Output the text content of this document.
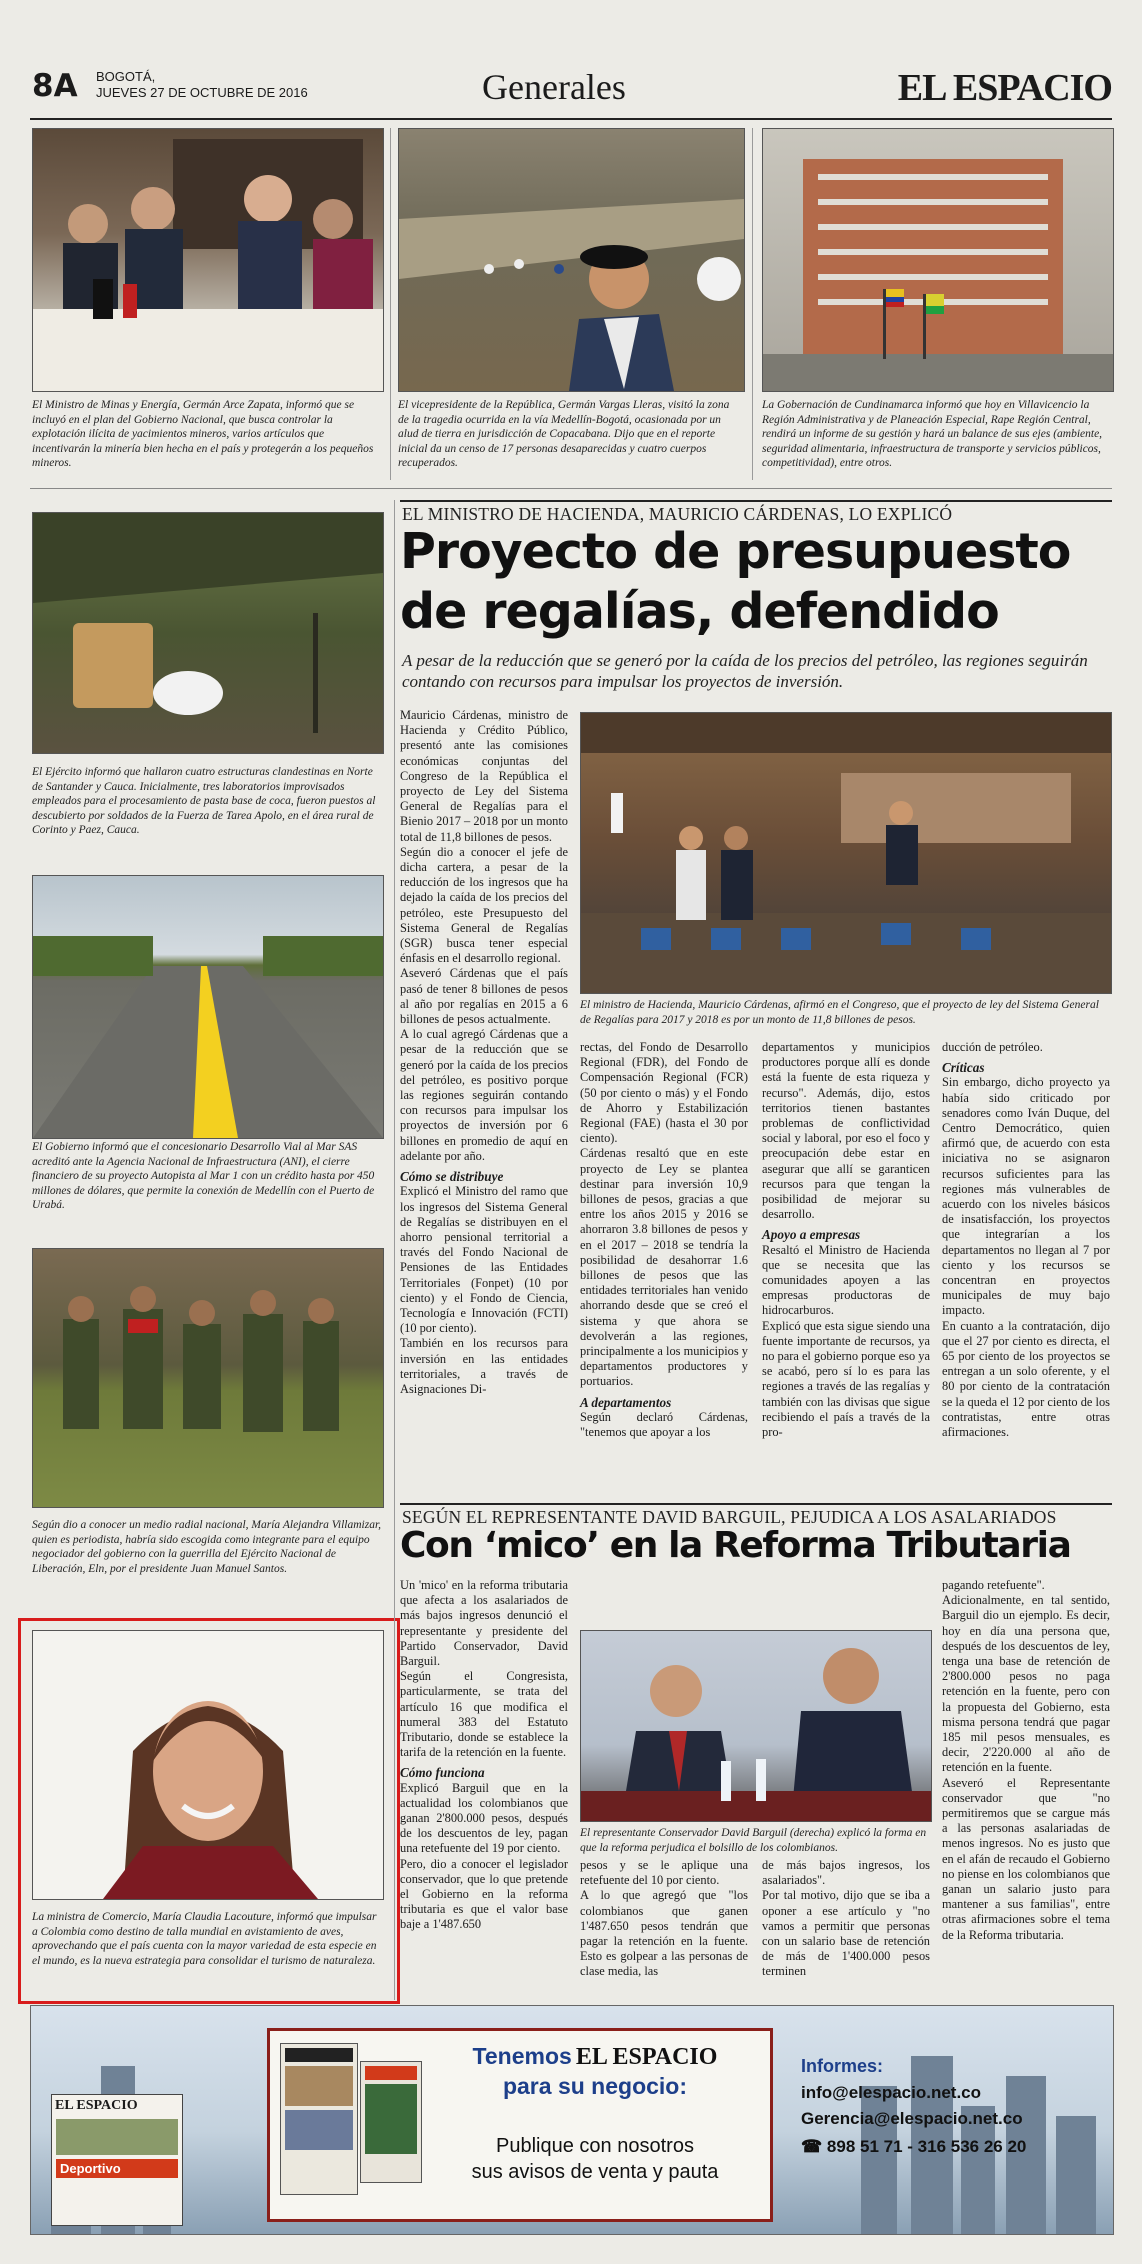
8A BOGOTÁ,
JUEVES 27 DE OCTUBRE DE 2016	Generales	EL ESPACIO

El Ministro de Minas y Energía, Germán Arce Zapata, informó que se incluyó en el plan del Gobierno Nacional, que busca controlar la explotación ilícita de yacimientos mineros, varios artículos que incentivarán la minería bien hecha en el país y protegerán a los pequeños mineros.

El vicepresidente de la República, Germán Vargas Lleras, visitó la zona de la tragedia ocurrida en la vía Medellín-Bogotá, ocasionada por un alud de tierra en jurisdicción de Copacabana. Dijo que en el reporte inicial da un censo de 17 personas desaparecidas y cuatro cuerpos recuperados.

La Gobernación de Cundinamarca informó que hoy en Villavicencio la Región Administrativa y de Planeación Especial, Rape Región Central, rendirá un informe de su gestión y hará un balance de sus ejes (ambiente, seguridad alimentaria, infraestructura de transporte y servicios públicos, competitividad), entre otros.

El Ejército informó que hallaron cuatro estructuras clandestinas en Norte de Santander y Cauca. Inicialmente, tres laboratorios improvisados empleados para el procesamiento de pasta base de coca, fueron puestos al descubierto por soldados de la Fuerza de Tarea Apolo, en el área rural de Corinto y Paez, Cauca.

El Gobierno informó que el concesionario Desarrollo Vial al Mar SAS acreditó ante la Agencia Nacional de Infraestructura (ANI), el cierre financiero de su proyecto Autopista al Mar 1 con un crédito hasta por 450 millones de dólares, que permite la conexión de Medellín con el Puerto de Urabá.

Según dio a conocer un medio radial nacional, María Alejandra Villamizar, quien es periodista, habría sido escogida como integrante para el equipo negociador del gobierno con la guerrilla del Ejército Nacional de Liberación, Eln, por el presidente Juan Manuel Santos.

La ministra de Comercio, María Claudia Lacouture, informó que impulsar a Colombia como destino de talla mundial en avistamiento de aves, aprovechando que el país cuenta con la mayor variedad de esta especie en el mundo, es la nueva estrategia para consolidar el turismo de naturaleza.

EL MINISTRO DE HACIENDA, MAURICIO CÁRDENAS, LO EXPLICÓ

Proyecto de presupuesto
de regalías, defendido

A pesar de la reducción que se generó por la caída de los precios del petróleo, las regiones seguirán contando con recursos para impulsar los proyectos de inversión.

Mauricio Cárdenas, ministro de Hacienda y Crédito Público, presentó ante las comisiones económicas conjuntas del Congreso de la República el proyecto de Ley del Sistema General de Regalías para el Bienio 2017 – 2018 por un monto total de 11,8 billones de pesos.

Según dio a conocer el jefe de dicha cartera, a pesar de la reducción de los ingresos que ha dejado la caída de los precios del petróleo, este Presupuesto del Sistema General de Regalías (SGR) busca tener especial énfasis en el desarrollo regional.

Aseveró Cárdenas que el país pasó de tener 8 billones de pesos al año por regalías en 2015 a 6 billones de pesos actualmente.

A lo cual agregó Cárdenas que a pesar de la reducción que se generó por la caída de los precios del petróleo, es positivo porque las regiones seguirán contando con recursos para impulsar los proyectos de inversión por 6 billones en promedio de aquí en adelante por año.

Cómo se distribuye

Explicó el Ministro del ramo que los ingresos del Sistema General de Regalías se distribuyen en el ahorro pensional territorial a través del Fondo Nacional de Pensiones de las Entidades Territoriales (Fonpet) (10 por ciento) y el Fondo de Ciencia, Tecnología e Innovación (FCTI) (10 por ciento).

También en los recursos para inversión en las entidades territoriales, a través de Asignaciones Di-

El ministro de Hacienda, Mauricio Cárdenas, afirmó en el Congreso, que el proyecto de ley del Sistema General de Regalías para 2017 y 2018 es por un monto de 11,8 billones de pesos.

rectas, del Fondo de Desarrollo Regional (FDR), del Fondo de Compensación Regional (FCR) (50 por ciento o más) y el Fondo de Ahorro y Estabilización Regional (FAE) (hasta el 30 por ciento).

Cárdenas resaltó que en este proyecto de Ley se plantea destinar para inversión 10,9 billones de pesos, gracias a que entre los años 2015 y 2016 se ahorraron 3.8 billones de pesos y en el 2017 – 2018 se tendría la posibilidad de desahorrar 1.6 billones de pesos que las entidades territoriales han venido ahorrando desde que se creó el sistema y que ahora se devolverán a las regiones, principalmente a los municipios y departamentos productores y portuarios.

A departamentos

Según declaró Cárdenas, "tenemos que apoyar a los

departamentos y municipios productores porque allí es donde está la fuente de esta riqueza y recurso". Además, dijo, estos territorios tienen bastantes problemas de conflictividad social y laboral, por eso el foco y preocupación debe estar en asegurar que allí se garanticen recursos para que tengan la posibilidad de mejorar su desarrollo.

Apoyo a empresas

Resaltó el Ministro de Hacienda que se necesita que las comunidades apoyen a las empresas productoras de hidrocarburos.

Explicó que esta sigue siendo una fuente importante de recursos, ya no para el gobierno porque eso ya se acabó, pero sí lo es para las regiones a través de las regalías y también con las divisas que sigue recibiendo el país a través de la pro-

ducción de petróleo.

Críticas

Sin embargo, dicho proyecto ya había sido criticado por senadores como Iván Duque, del Centro Democrático, quien afirmó que, de acuerdo con esta iniciativa no se asignaron recursos suficientes para las regiones más vulnerables de acuerdo con los niveles básicos de insatisfacción, los proyectos que integrarían a los departamentos no llegan al 7 por ciento y los recursos se concentran en proyectos municipales de muy bajo impacto.

En cuanto a la contratación, dijo que el 27 por ciento es directa, el 65 por ciento de los proyectos se entregan a un solo oferente, y el 80 por ciento de la contratación se la queda el 12 por ciento de los contratistas, entre otras afirmaciones.

SEGÚN EL REPRESENTANTE DAVID BARGUIL, PEJUDICA A LOS ASALARIADOS

Con ‘mico’ en la Reforma Tributaria

Un 'mico' en la reforma tributaria que afecta a los asalariados de más bajos ingresos denunció el representante y presidente del Partido Conservador, David Barguil.

Según el Congresista, particularmente, se trata del artículo 16 que modifica el numeral 383 del Estatuto Tributario, donde se establece la tarifa de la retención en la fuente.

Cómo funciona

Explicó Barguil que en la actualidad los colombianos que ganan 2'800.000 pesos, después de los descuentos de ley, pagan una retefuente del 19 por ciento.

Pero, dio a conocer el legislador conservador, que lo que pretende el Gobierno en la reforma tributaria es que el valor base baje a 1'487.650

El representante Conservador David Barguil (derecha) explicó la forma en que la reforma perjudica el bolsillo de los colombianos.

pesos y se le aplique una retefuente del 10 por ciento.

A lo que agregó que "los colombianos que ganen 1'487.650 pesos tendrán que pagar la retención en la fuente. Esto es golpear a las personas de clase media, las

de más bajos ingresos, los asalariados".

Por tal motivo, dijo que se iba a oponer a ese artículo y "no vamos a permitir que personas con un salario base de retención de más de 1'400.000 pesos terminen

pagando retefuente".

Adicionalmente, en tal sentido, Barguil dio un ejemplo. Es decir, hoy en día una persona que, después de los descuentos de ley, tenga una base de retención de 2'800.000 pesos no paga retención en la fuente, pero con la propuesta del Gobierno, esta misma persona tendrá que pagar 185 mil pesos mensuales, es decir, 2'220.000 al año de retención en la fuente.

Aseveró el Representante conservador que "no permitiremos que se cargue más a las personas asalariadas de menos ingresos. No es justo que en el afán de recaudo el Gobierno no piense en los colombianos que ganan un salario justo para mantener a sus familias", entre otras afirmaciones sobre el tema de la Reforma tributaria.

EL ESPACIO
Deportivo
Tenemos EL ESPACIO
para su negocio:
Publique con nosotros
sus avisos de venta y pauta
Informes:
info@elespacio.net.co
Gerencia@elespacio.net.co
☎ 898 51 71 - 316 536 26 20
